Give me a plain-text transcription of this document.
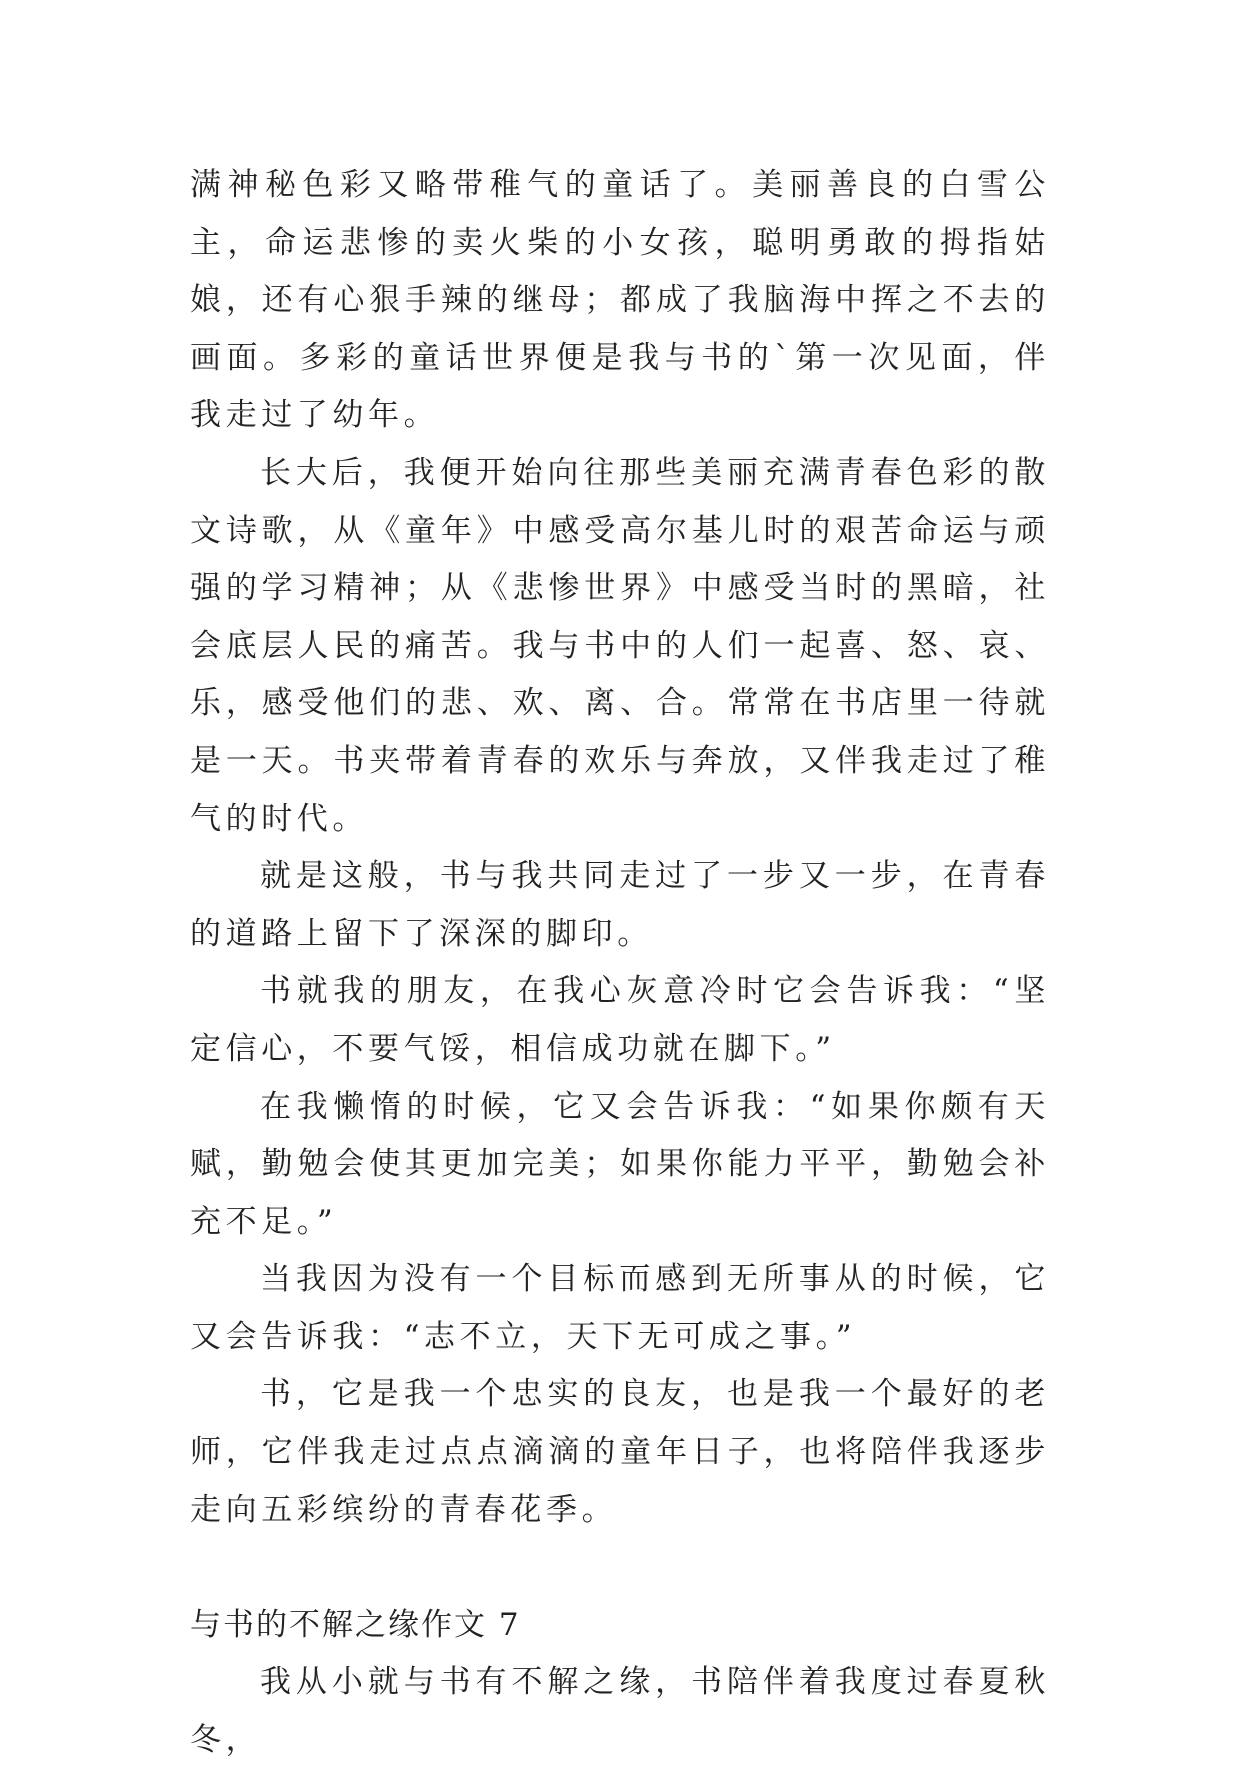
满神秘色彩又略带稚气的童话了。美丽善良的白雪公主，命运悲惨的卖火柴的小女孩，聪明勇敢的拇指姑娘，还有心狠手辣的继母；都成了我脑海中挥之不去的画面。多彩的童话世界便是我与书的`第一次见面，伴我走过了幼年。

长大后，我便开始向往那些美丽充满青春色彩的散文诗歌，从《童年》中感受高尔基儿时的艰苦命运与顽强的学习精神；从《悲惨世界》中感受当时的黑暗，社会底层人民的痛苦。我与书中的人们一起喜、怒、哀、乐，感受他们的悲、欢、离、合。常常在书店里一待就是一天。书夹带着青春的欢乐与奔放，又伴我走过了稚气的时代。

就是这般，书与我共同走过了一步又一步，在青春的道路上留下了深深的脚印。

书就我的朋友，在我心灰意冷时它会告诉我：“坚定信心，不要气馁，相信成功就在脚下。”

在我懒惰的时候，它又会告诉我：“如果你颇有天赋，勤勉会使其更加完美；如果你能力平平，勤勉会补充不足。”

当我因为没有一个目标而感到无所事从的时候，它又会告诉我：“志不立，天下无可成之事。”

书，它是我一个忠实的良友，也是我一个最好的老师，它伴我走过点点滴滴的童年日子，也将陪伴我逐步走向五彩缤纷的青春花季。

与书的不解之缘作文 7

我从小就与书有不解之缘，书陪伴着我度过春夏秋冬，
